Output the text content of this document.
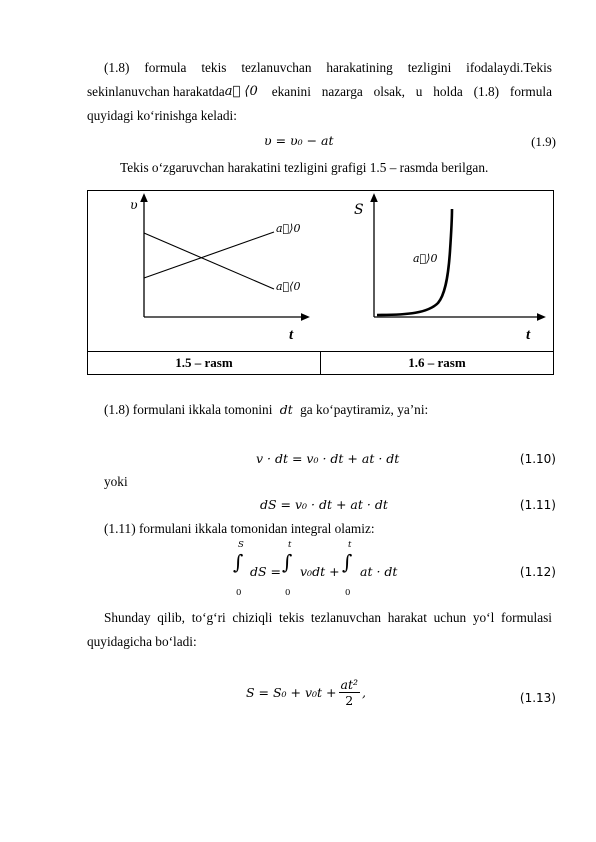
(1.8) formula tekis tezlanuvchan harakatining tezligini ifodalaydi.Tekis
sekinlanuvchan harakatda a⃗ ⟨0 ekanini nazarga olsak, u holda (1.8) formula
quyidagi ko‘rinishga keladi:
υ = υ₀ − at	(1.9)
Tekis o‘zgaruvchan harakatini tezligini grafigi 1.5 – rasmda berilgan.
υ
t
a⃗⟩0
a⃗⟨0
S
t
a⃗⟩0

1.5 – rasm	1.6 – rasm
(1.8) formulani ikkala tomonini dt ga ko‘paytiramiz, ya’ni:
v · dt = v₀ · dt + at · dt	(1.10)
yoki
dS = v₀ · dt + at · dt	(1.11)
(1.11) formulani ikkala tomonidan integral olamiz:
S
∫
0
dS =
t
∫
0
v₀dt +
t
∫
0
at · dt	(1.12)
Shunday qilib, to‘g‘ri chiziqli tekis tezlanuvchan harakat uchun yo‘l formulasi
quyidagicha bo‘ladi:
$S = S_0 + v_0t + \frac{\text{at²}}{2}$ ,	(1.13)
